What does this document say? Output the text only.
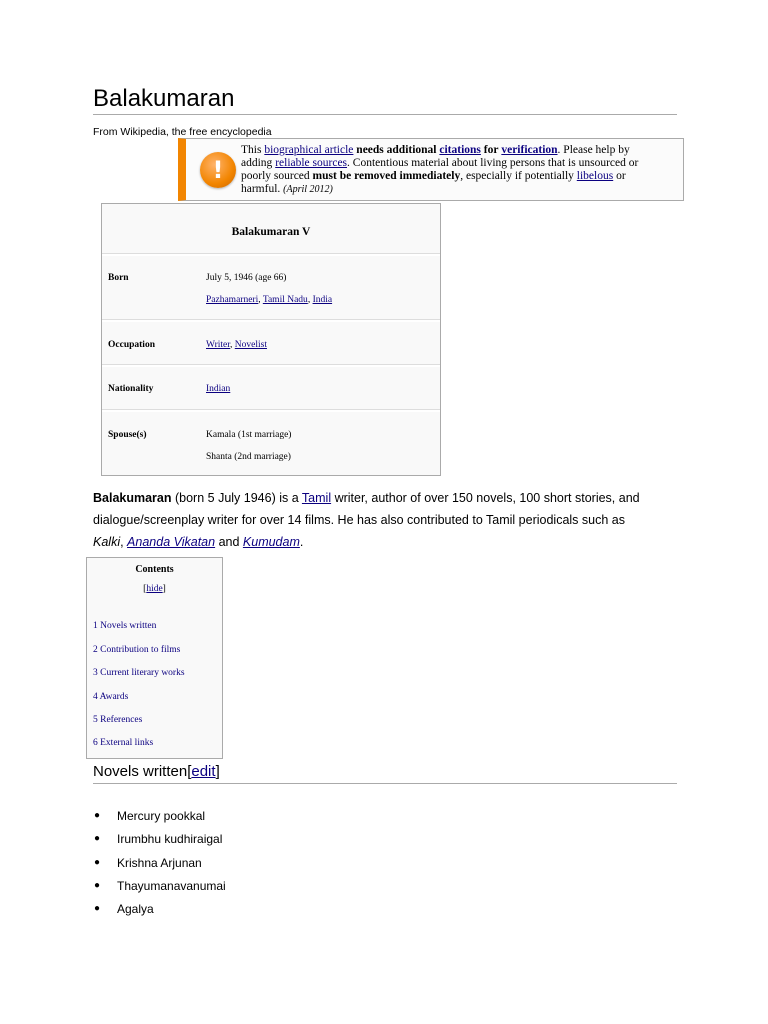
Balakumaran
From Wikipedia, the free encyclopedia
!
This biographical article needs additional citations for verification. Please help by adding reliable sources. Contentious material about living persons that is unsourced or poorly sourced must be removed immediately, especially if potentially libelous or harmful. (April 2012)
Balakumaran V
Born	July 5, 1946 (age 66)
Pazhamarneri, Tamil Nadu, India
Occupation	Writer, Novelist
Nationality	Indian
Spouse(s)	Kamala (1st marriage)
Shanta (2nd marriage)
Balakumaran (born 5 July 1946) is a Tamil writer, author of over 150 novels, 100 short stories, and dialogue/screenplay writer for over 14 films. He has also contributed to Tamil periodicals such as Kalki, Ananda Vikatan and Kumudam.
Contents
[hide]
1 Novels written
2 Contribution to films
3 Current literary works
4 Awards
5 References
6 External links
Novels written[edit]
● Mercury pookkal
● Irumbhu kudhiraigal
● Krishna Arjunan
● Thayumanavanumai
● Agalya
